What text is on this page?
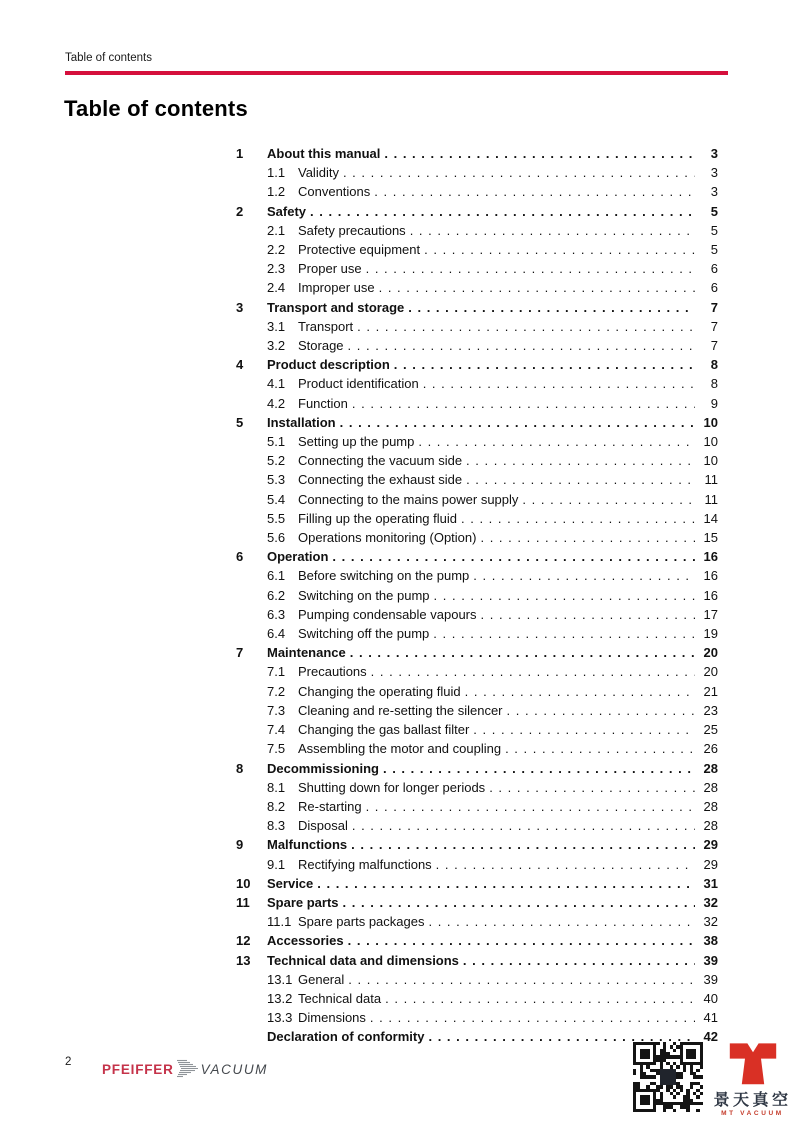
Table of contents
Table of contents
1	About this manual . . .	3
1.1 Validity . . .	3
1.2 Conventions . . .	3
2	Safety . . .	5
2.1 Safety precautions . . .	5
2.2 Protective equipment . . .	5
2.3 Proper use . . .	6
2.4 Improper use . . .	6
3	Transport and storage . . .	7
3.1 Transport . . .	7
3.2 Storage . . .	7
4	Product description . . .	8
4.1 Product identification . . .	8
4.2 Function . . .	9
5	Installation . . .	10
5.1 Setting up the pump . . .	10
5.2 Connecting the vacuum side . . .	10
5.3 Connecting the exhaust side . . .	11
5.4 Connecting to the mains power supply . . .	11
5.5 Filling up the operating fluid . . .	14
5.6 Operations monitoring (Option) . . .	15
6	Operation . . .	16
6.1 Before switching on the pump . . .	16
6.2 Switching on the pump . . .	16
6.3 Pumping condensable vapours . . .	17
6.4 Switching off the pump . . .	19
7	Maintenance . . .	20
7.1 Precautions . . .	20
7.2 Changing the operating fluid . . .	21
7.3 Cleaning and re-setting the silencer . . .	23
7.4 Changing the gas ballast filter . . .	25
7.5 Assembling the motor and coupling . . .	26
8	Decommissioning . . .	28
8.1 Shutting down for longer periods . . .	28
8.2 Re-starting . . .	28
8.3 Disposal . . .	28
9	Malfunctions . . .	29
9.1 Rectifying malfunctions . . .	29
10	Service . . .	31
11	Spare parts . . .	32
11.1 Spare parts packages . . .	32
12	Accessories . . .	38
13	Technical data and dimensions . . .	39
13.1 General . . .	39
13.2 Technical data . . .	40
13.3 Dimensions . . .	41
Declaration of conformity . . .	42
2 PFEIFFER VACUUM
景天真空
MT VACUUM
